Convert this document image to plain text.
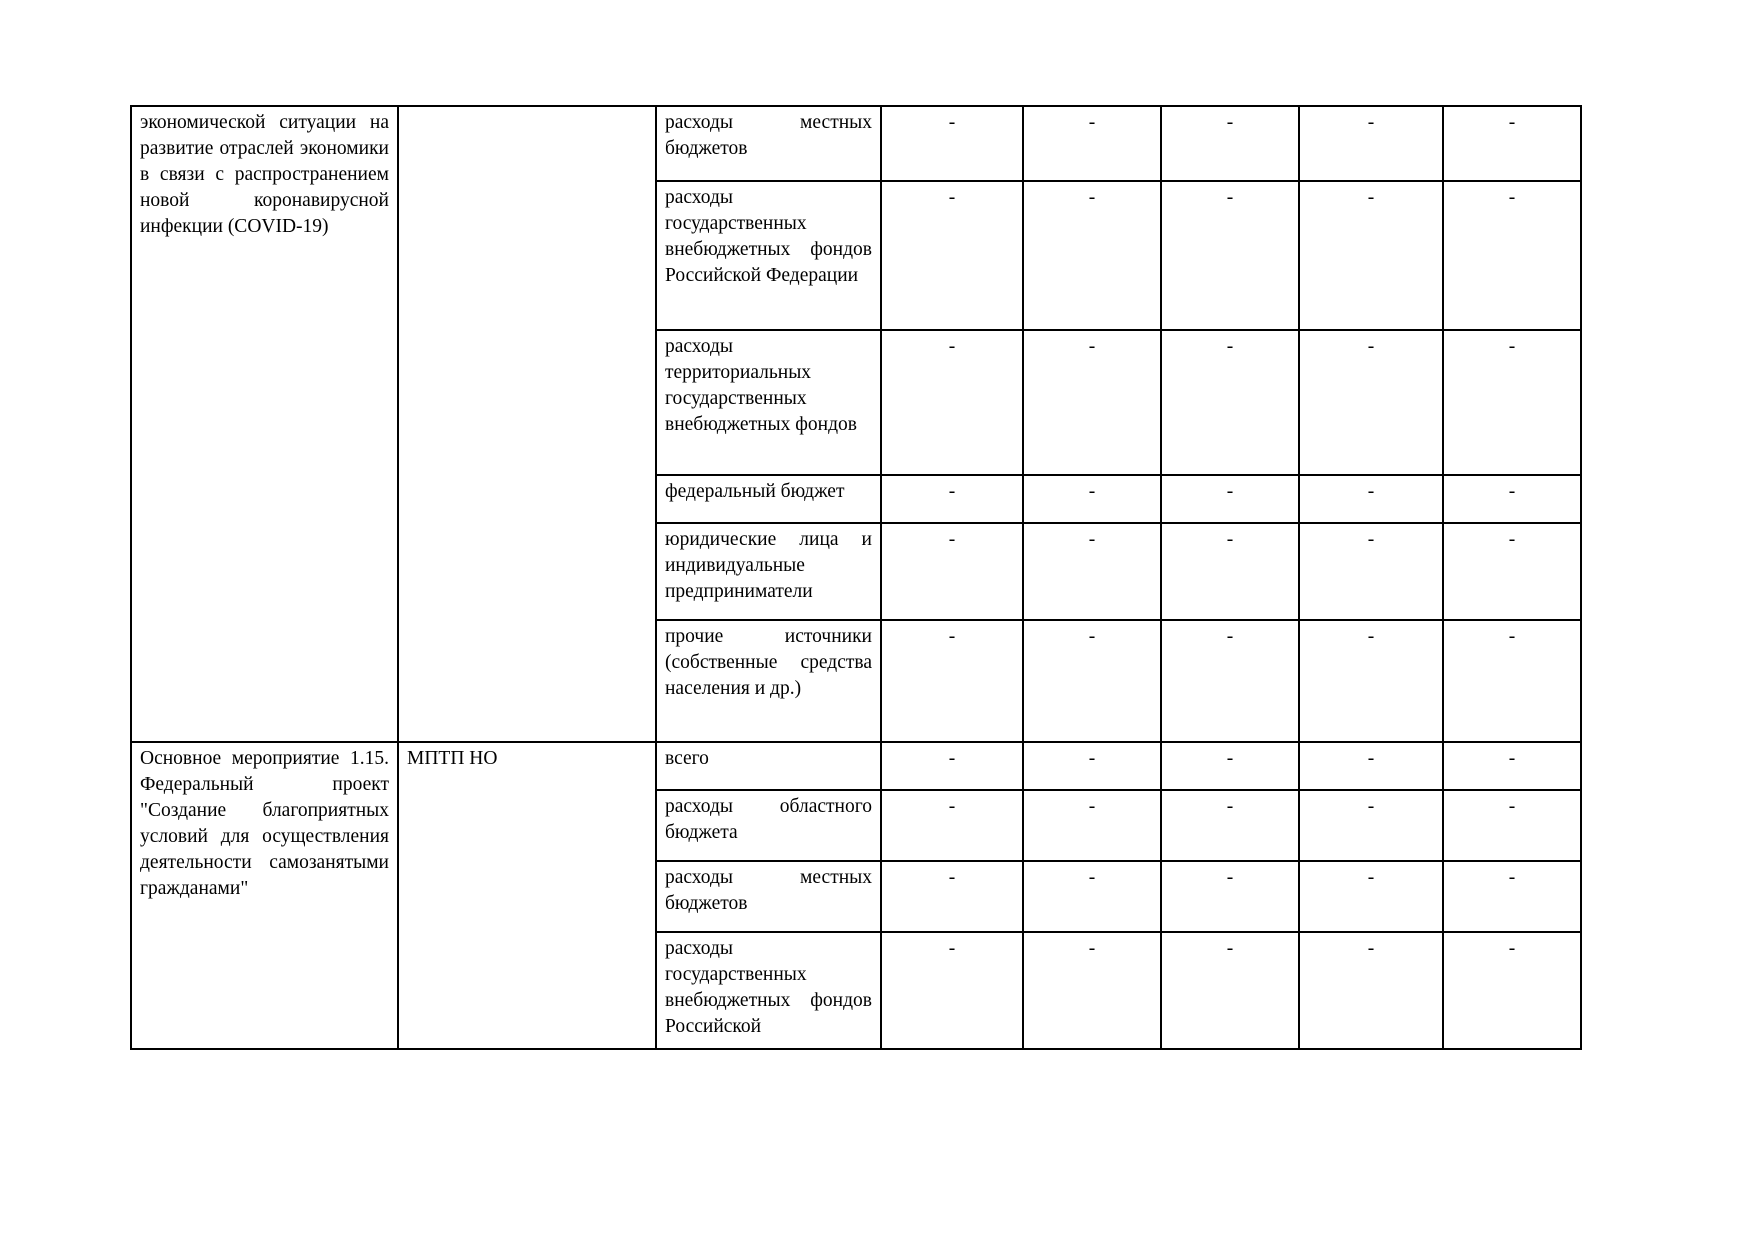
экономической ситуации на развитие отраслей экономики в связи с распространением новой коронавирусной инфекции (COVID-19)		расходы местных бюджетов	-	-	-	-	-
		расходы государственных внебюджетных фондов Российской Федерации	-	-	-	-	-
		расходы территориальных государственных внебюджетных фондов	-	-	-	-	-
		федеральный бюджет	-	-	-	-	-
		юридические лица и индивидуальные предприниматели	-	-	-	-	-
		прочие источники (собственные средства населения и др.)	-	-	-	-	-
Основное мероприятие 1.15. Федеральный проект "Создание благоприятных условий для осуществления деятельности самозанятыми гражданами"	МПТП НО	всего	-	-	-	-	-
		расходы областного бюджета	-	-	-	-	-
		расходы местных бюджетов	-	-	-	-	-
		расходы государственных внебюджетных фондов Российской	-	-	-	-	-
